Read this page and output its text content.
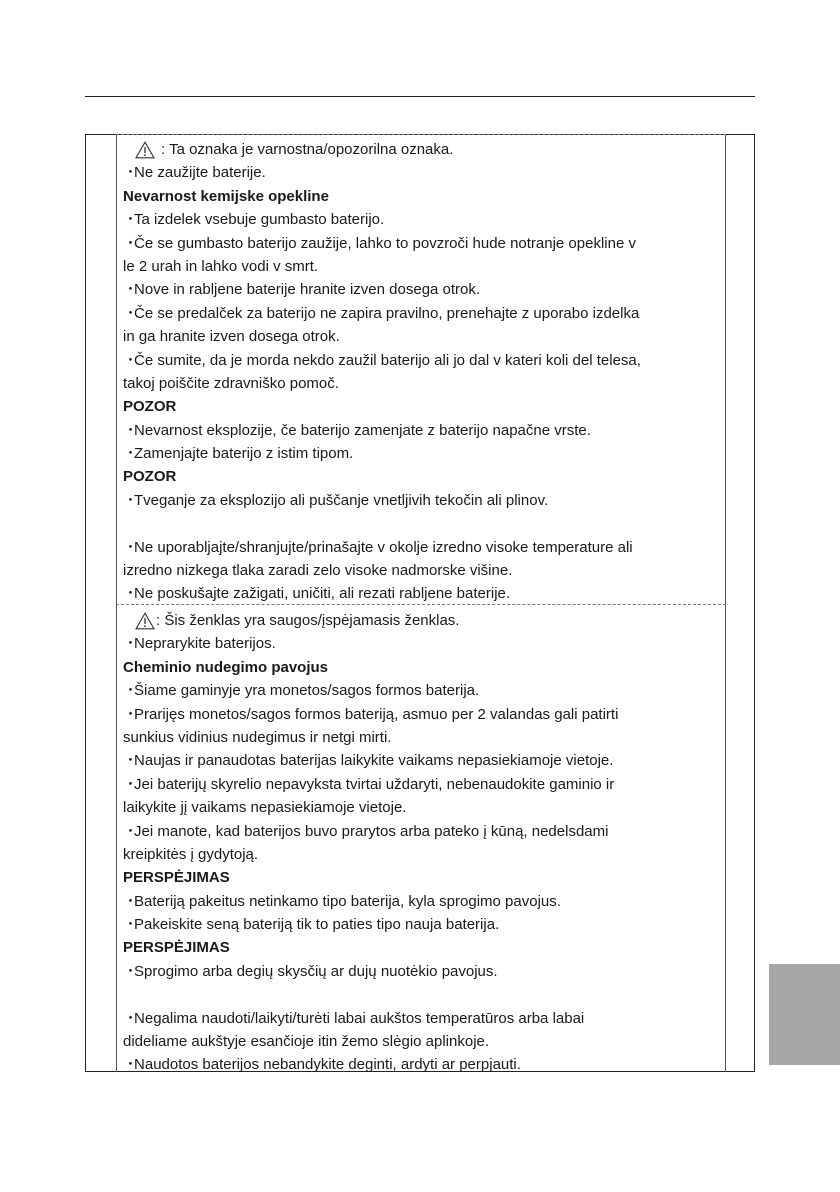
: Ta oznaka je varnostna/opozorilna oznaka.
・ Ne zaužijte baterije.
Nevarnost kemijske opekline
・ Ta izdelek vsebuje gumbasto baterijo.
・ Če se gumbasto baterijo zaužije, lahko to povzroči hude notranje opekline v
le 2 urah in lahko vodi v smrt.
・ Nove in rabljene baterije hranite izven dosega otrok.
・ Če se predalček za baterijo ne zapira pravilno, prenehajte z uporabo izdelka
in ga hranite izven dosega otrok.
・ Če sumite, da je morda nekdo zaužil baterijo ali jo dal v kateri koli del telesa,
takoj poiščite zdravniško pomoč.
POZOR
・ Nevarnost eksplozije, če baterijo zamenjate z baterijo napačne vrste.
・ Zamenjajte baterijo z istim tipom.
POZOR
・ Tveganje za eksplozijo ali puščanje vnetljivih tekočin ali plinov.
・ Ne uporabljajte/shranjujte/prinašajte v okolje izredno visoke temperature ali
izredno nizkega tlaka zaradi zelo visoke nadmorske višine.
・ Ne poskušajte zažigati, uničiti, ali rezati rabljene baterije.
: Šis ženklas yra saugos/įspėjamasis ženklas.
・ Neprarykite baterijos.
Cheminio nudegimo pavojus
・ Šiame gaminyje yra monetos/sagos formos baterija.
・ Prarijęs monetos/sagos formos bateriją, asmuo per 2 valandas gali patirti
sunkius vidinius nudegimus ir netgi mirti.
・ Naujas ir panaudotas baterijas laikykite vaikams nepasiekiamoje vietoje.
・ Jei baterijų skyrelio nepavyksta tvirtai uždaryti, nebenaudokite gaminio ir
laikykite jį vaikams nepasiekiamoje vietoje.
・ Jei manote, kad baterijos buvo prarytos arba pateko į kūną, nedelsdami
kreipkitės į gydytoją.
PERSPĖJIMAS
・ Bateriją pakeitus netinkamo tipo baterija, kyla sprogimo pavojus.
・ Pakeiskite seną bateriją tik to paties tipo nauja baterija.
PERSPĖJIMAS
・ Sprogimo arba degių skysčių ar dujų nuotėkio pavojus.
・ Negalima naudoti/laikyti/turėti labai aukštos temperatūros arba labai
dideliame aukštyje esančioje itin žemo slėgio aplinkoje.
・ Naudotos baterijos nebandykite deginti, ardyti ar perpjauti.
